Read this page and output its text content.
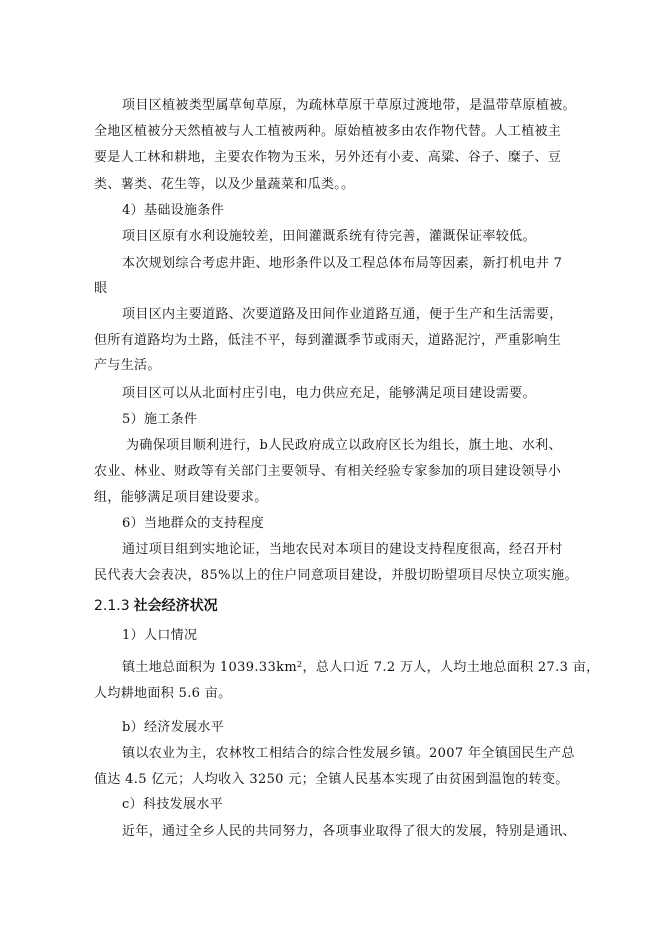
项目区植被类型属草甸草原，为疏林草原干草原过渡地带，是温带草原植被。
全地区植被分天然植被与人工植被两种。原始植被多由农作物代替。人工植被主
要是人工林和耕地，主要农作物为玉米，另外还有小麦、高粱、谷子、糜子、豆
类、薯类、花生等，以及少量蔬菜和瓜类。。
4）基础设施条件
项目区原有水利设施较差，田间灌溉系统有待完善，灌溉保证率较低。
本次规划综合考虑井距、地形条件以及工程总体布局等因素，新打机电井 7
眼
项目区内主要道路、次要道路及田间作业道路互通，便于生产和生活需要，
但所有道路均为土路，低洼不平，每到灌溉季节或雨天，道路泥泞，严重影响生
产与生活。
项目区可以从北面村庄引电，电力供应充足，能够满足项目建设需要。
5）施工条件
为确保项目顺利进行，b人民政府成立以政府区长为组长，旗土地、水利、
农业、林业、财政等有关部门主要领导、有相关经验专家参加的项目建设领导小
组，能够满足项目建设要求。
6）当地群众的支持程度
通过项目组到实地论证，当地农民对本项目的建设支持程度很高，经召开村
民代表大会表决，85%以上的住户同意项目建设，并殷切盼望项目尽快立项实施。
2.1.3 社会经济状况
1）人口情况
镇土地总面积为 $1039.33km^2$，总人口近 7.2 万人，人均土地总面积 27.3 亩，
人均耕地面积 5.6 亩。
b）经济发展水平
镇以农业为主，农林牧工相结合的综合性发展乡镇。2007 年全镇国民生产总
值达 4.5 亿元；人均收入 3250 元；全镇人民基本实现了由贫困到温饱的转变。
c）科技发展水平
近年，通过全乡人民的共同努力，各项事业取得了很大的发展，特别是通讯、
